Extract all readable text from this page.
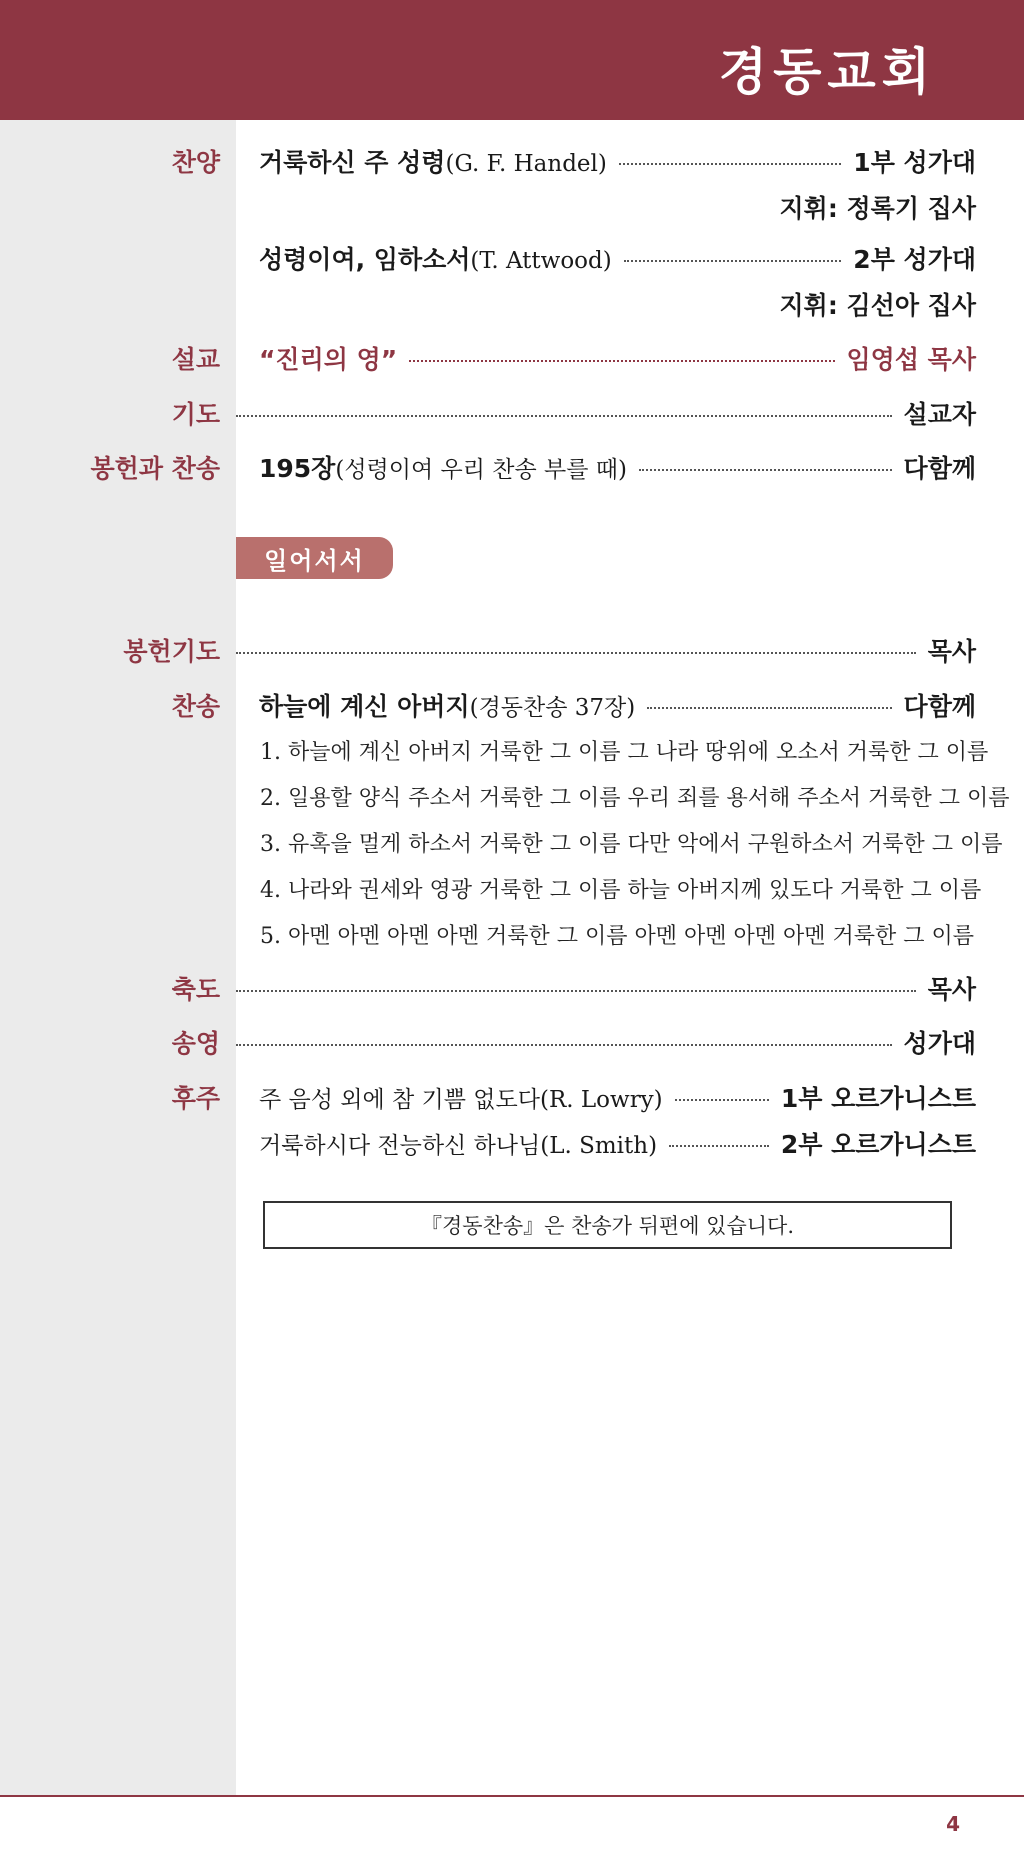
경동교회
찬양 거룩하신 주 성령 (G. F. Handel)	1부 성가대
지휘: 정록기 집사
성령이여, 임하소서 (T. Attwood)	2부 성가대
지휘: 김선아 집사
설교 “진리의 영”	임영섭 목사
기도	설교자
봉헌과 찬송 195장 (성령이여 우리 찬송 부를 때)	다함께
일어서서
봉헌기도	목사
찬송 하늘에 계신 아버지 (경동찬송 37장)	다함께
1. 하늘에 계신 아버지 거룩한 그 이름 그 나라 땅위에 오소서 거룩한 그 이름
2. 일용할 양식 주소서 거룩한 그 이름 우리 죄를 용서해 주소서 거룩한 그 이름
3. 유혹을 멀게 하소서 거룩한 그 이름 다만 악에서 구원하소서 거룩한 그 이름
4. 나라와 권세와 영광 거룩한 그 이름 하늘 아버지께 있도다 거룩한 그 이름
5. 아멘 아멘 아멘 아멘 거룩한 그 이름 아멘 아멘 아멘 아멘 거룩한 그 이름
축도	목사
송영	성가대
후주 주 음성 외에 참 기쁨 없도다 (R. Lowry)	1부 오르가니스트
거룩하시다 전능하신 하나님 (L. Smith)	2부 오르가니스트
『경동찬송』은 찬송가 뒤편에 있습니다.
4
